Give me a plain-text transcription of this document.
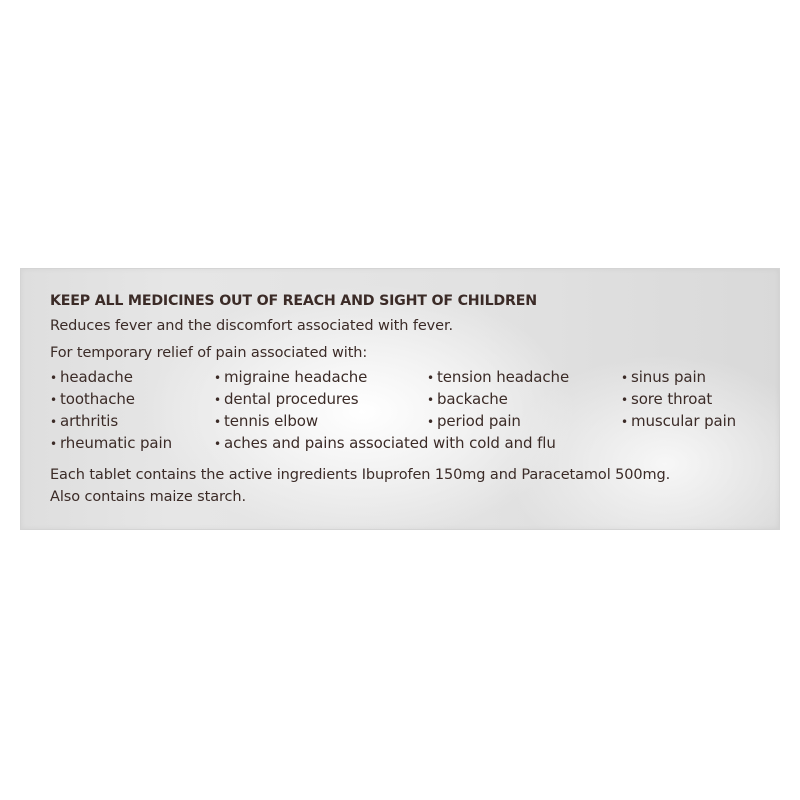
KEEP ALL MEDICINES OUT OF REACH AND SIGHT OF CHILDREN
Reduces fever and the discomfort associated with fever.
For temporary relief of pain associated with:
• headache	• migraine headache	• tension headache	• sinus pain
• toothache	• dental procedures	• backache	• sore throat
• arthritis	• tennis elbow	• period pain	• muscular pain
• rheumatic pain	• aches and pains associated with cold and flu
Each tablet contains the active ingredients Ibuprofen 150mg and Paracetamol 500mg.
Also contains maize starch.
